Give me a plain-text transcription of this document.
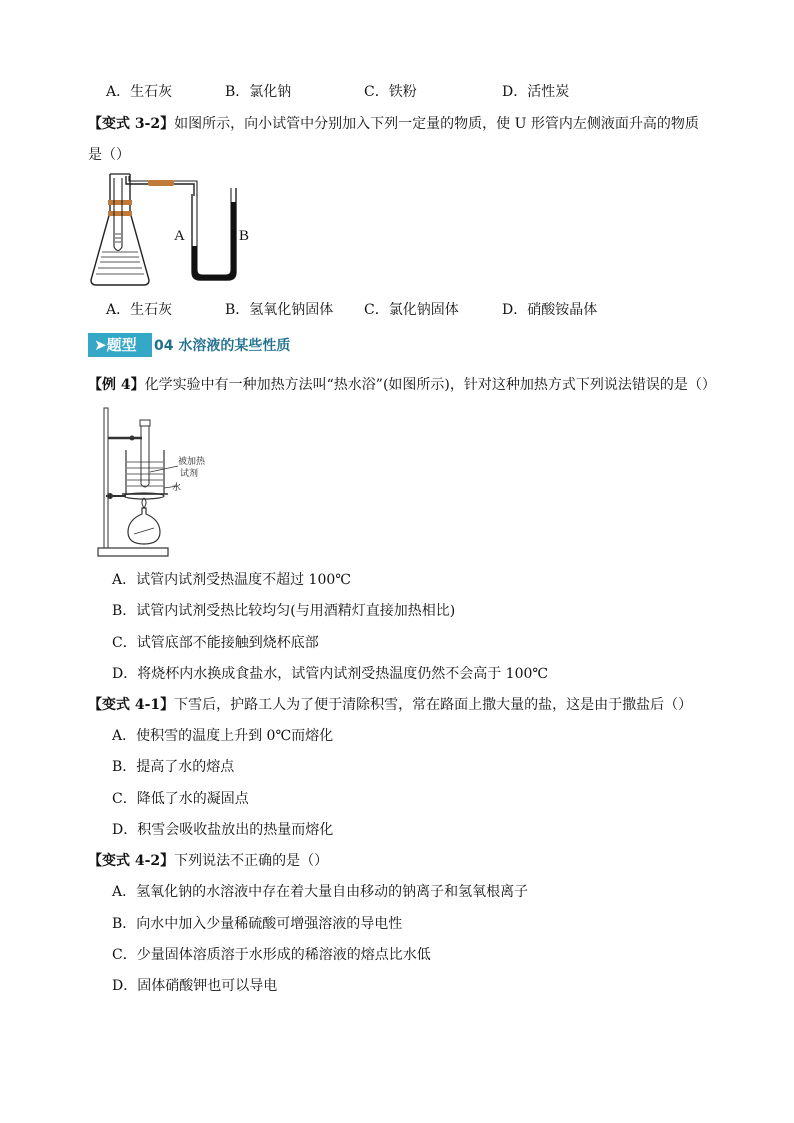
A．生石灰	B．氯化钠	C．铁粉	D．活性炭
【变式 3-2】如图所示，向小试管中分别加入下列一定量的物质，使 U 形管内左侧液面升高的物质
是（）
A	B
A．生石灰	B．氢氧化钠固体 C．氯化钠固体	D．硝酸铵晶体
➤题型	04 水溶液的某些性质
【例 4】化学实验中有一种加热方法叫“热水浴”(如图所示)，针对这种加热方式下列说法错误的是（）
被加热
试剂
水
A．试管内试剂受热温度不超过 100℃
B．试管内试剂受热比较均匀(与用酒精灯直接加热相比)
C．试管底部不能接触到烧杯底部
D．将烧杯内水换成食盐水，试管内试剂受热温度仍然不会高于 100℃
【变式 4-1】下雪后，护路工人为了便于清除积雪，常在路面上撒大量的盐，这是由于撒盐后（）
A．使积雪的温度上升到 0℃而熔化
B．提高了水的熔点
C．降低了水的凝固点
D．积雪会吸收盐放出的热量而熔化
【变式 4-2】下列说法不正确的是（）
A．氢氧化钠的水溶液中存在着大量自由移动的钠离子和氢氧根离子
B．向水中加入少量稀硫酸可增强溶液的导电性
C．少量固体溶质溶于水形成的稀溶液的熔点比水低
D．固体硝酸钾也可以导电
